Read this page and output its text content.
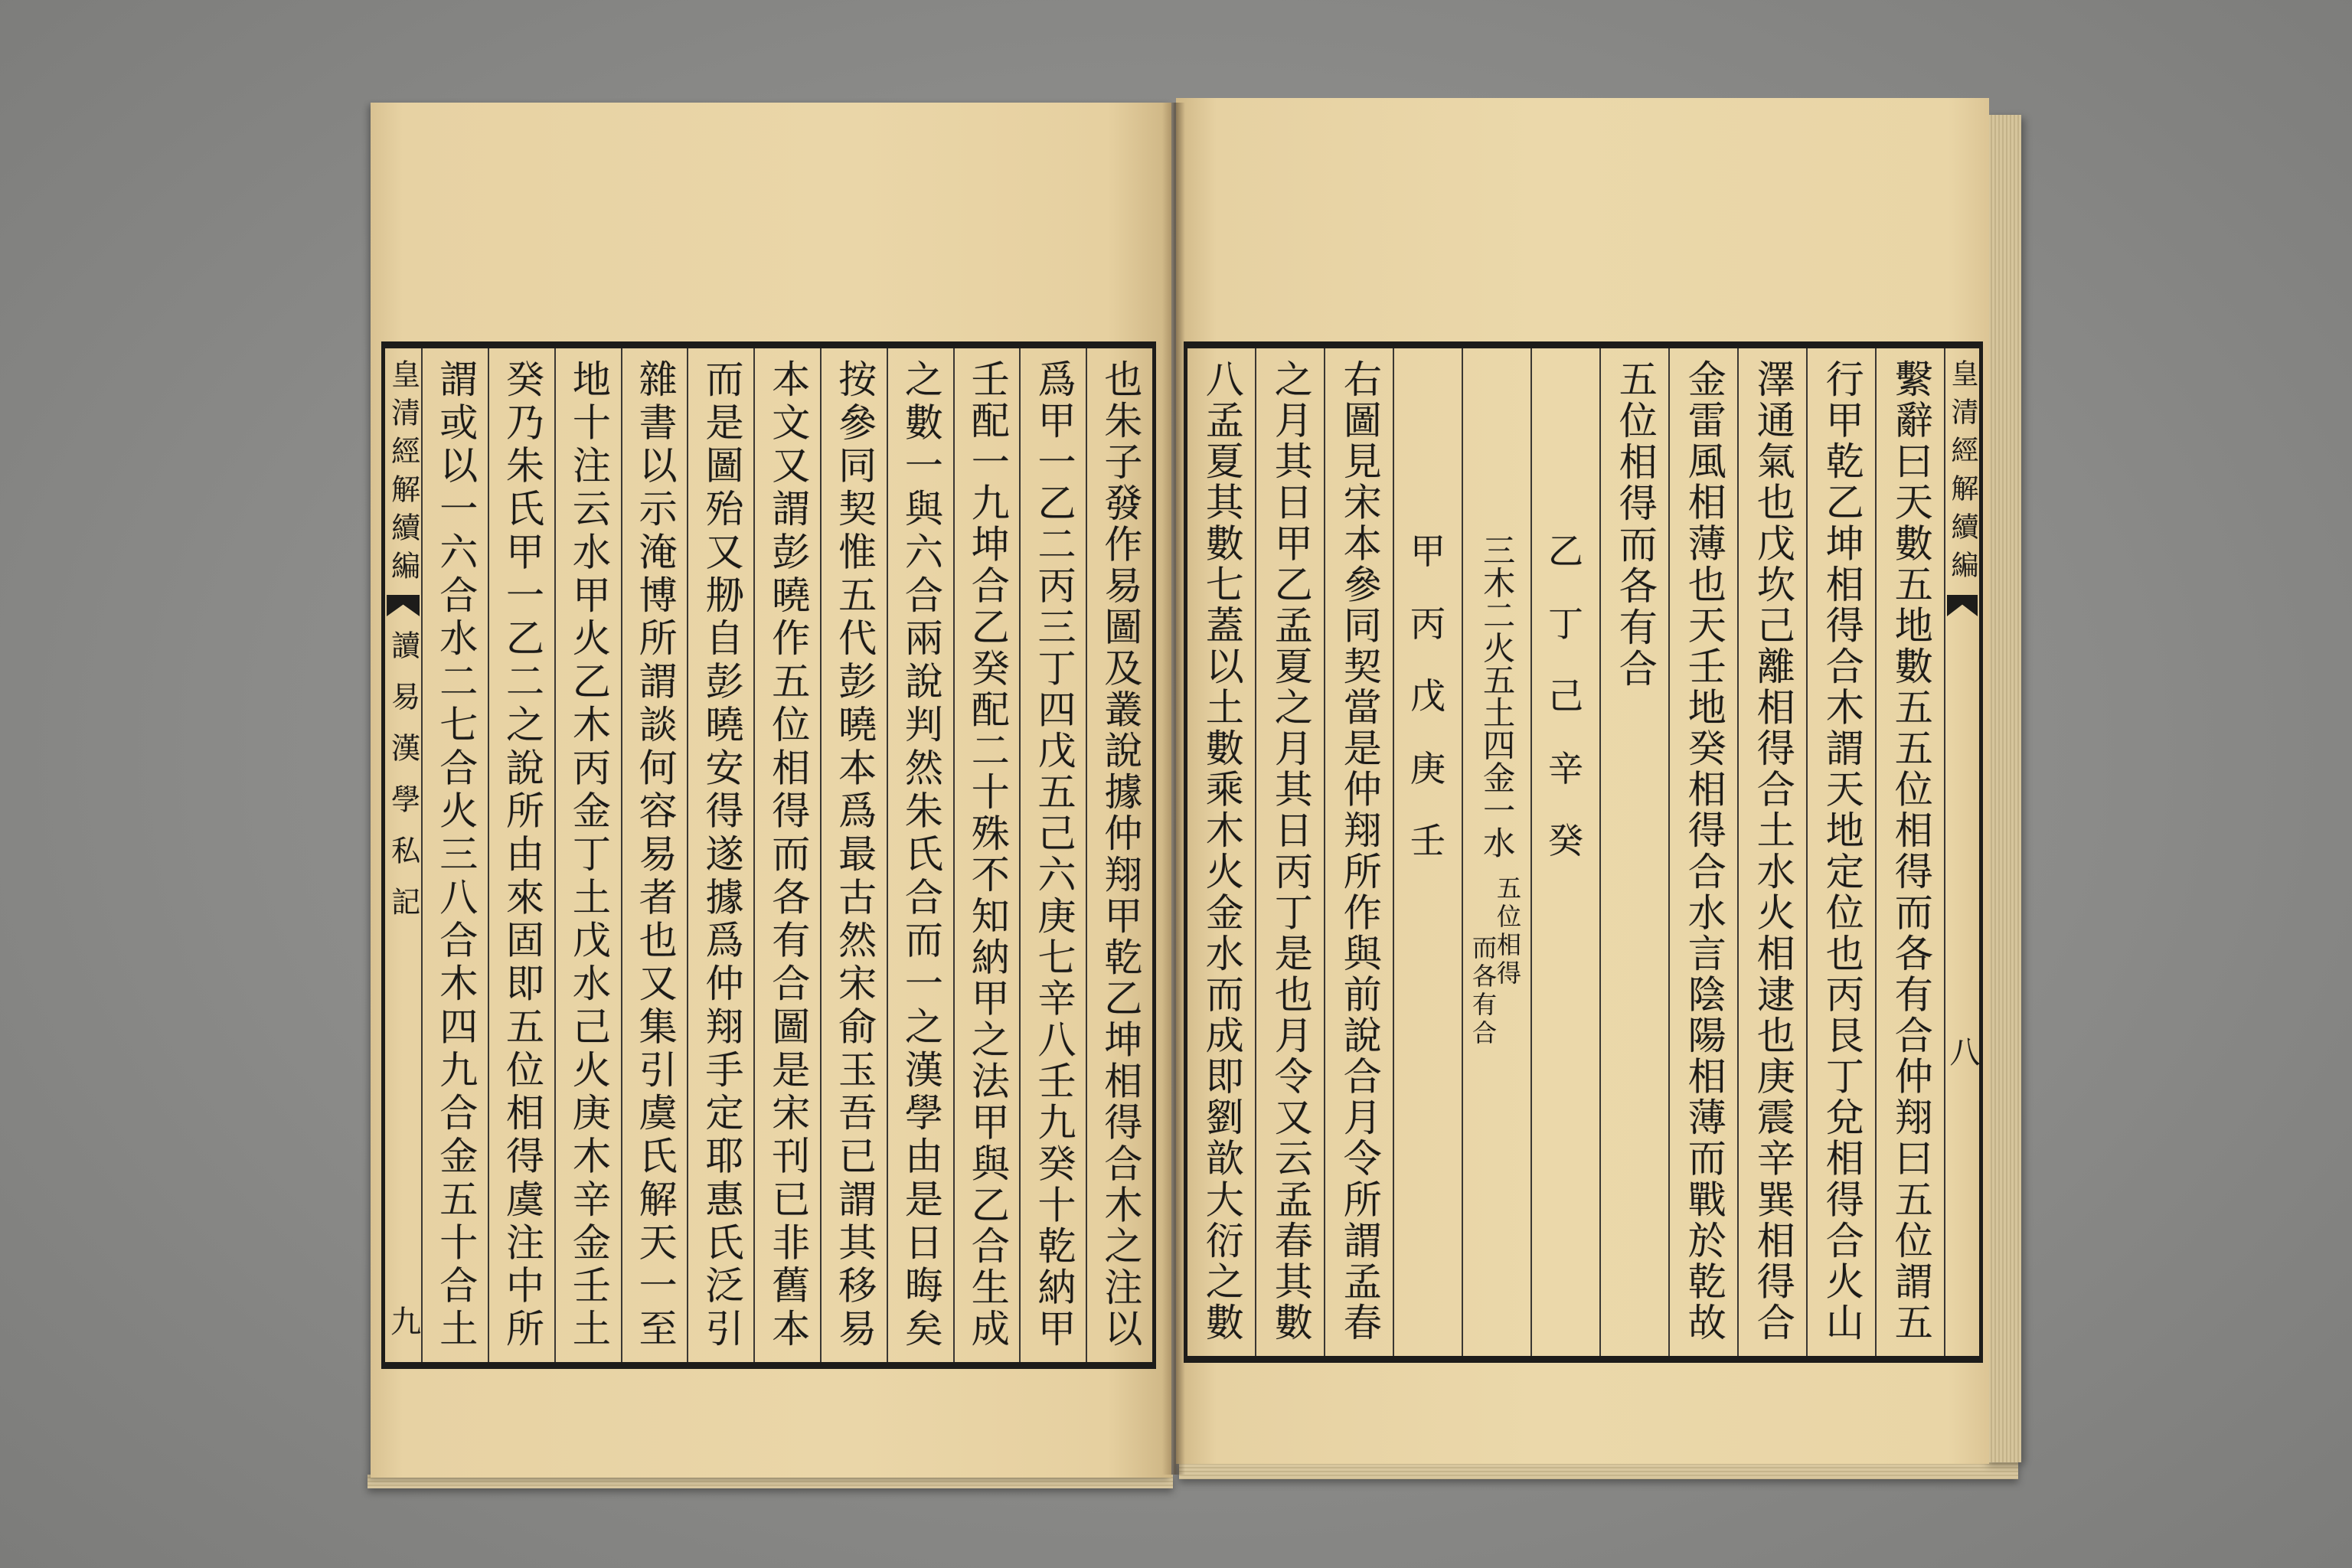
也朱子發作易圖及叢說據仲翔甲乾乙坤相得合木之注以
爲甲一乙二丙三丁四戊五己六庚七辛八壬九癸十乾納甲
壬配一九坤合乙癸配二十殊不知納甲之法甲與乙合生成
之數一與六合兩說判然朱氏合而一之漢學由是日晦矣
按參同契惟五代彭曉本爲最古然宋俞玉吾已謂其移易
本文又謂彭曉作五位相得而各有合圖是宋刊已非舊本
而是圖殆又刱自彭曉安得遂據爲仲翔手定耶惠氏泛引
雜書以示淹博所謂談何容易者也又集引虞氏解天一至
地十注云水甲火乙木丙金丁土戊水己火庚木辛金壬土
癸乃朱氏甲一乙二之說所由來固即五位相得虞注中所
謂或以一六合水二七合火三八合木四九合金五十合土
皇清經解續編
讀易漢學私記
九
皇清經解續編
八
繫辭曰天數五地數五五位相得而各有合仲翔曰五位謂五
行甲乾乙坤相得合木謂天地定位也丙艮丁兌相得合火山
澤通氣也戊坎己離相得合土水火相逮也庚震辛巽相得合
金雷風相薄也天壬地癸相得合水言陰陽相薄而戰於乾故
五位相得而各有合
乙
丁
己
辛
癸
三木二火五土四金一水
五位相得
而各有合
甲
丙
戊
庚
壬
右圖見宋本參同契當是仲翔所作與前說合月令所謂孟春
之月其日甲乙孟夏之月其日丙丁是也月令又云孟春其數
八孟夏其數七蓋以土數乘木火金水而成即劉歆大衍之數
